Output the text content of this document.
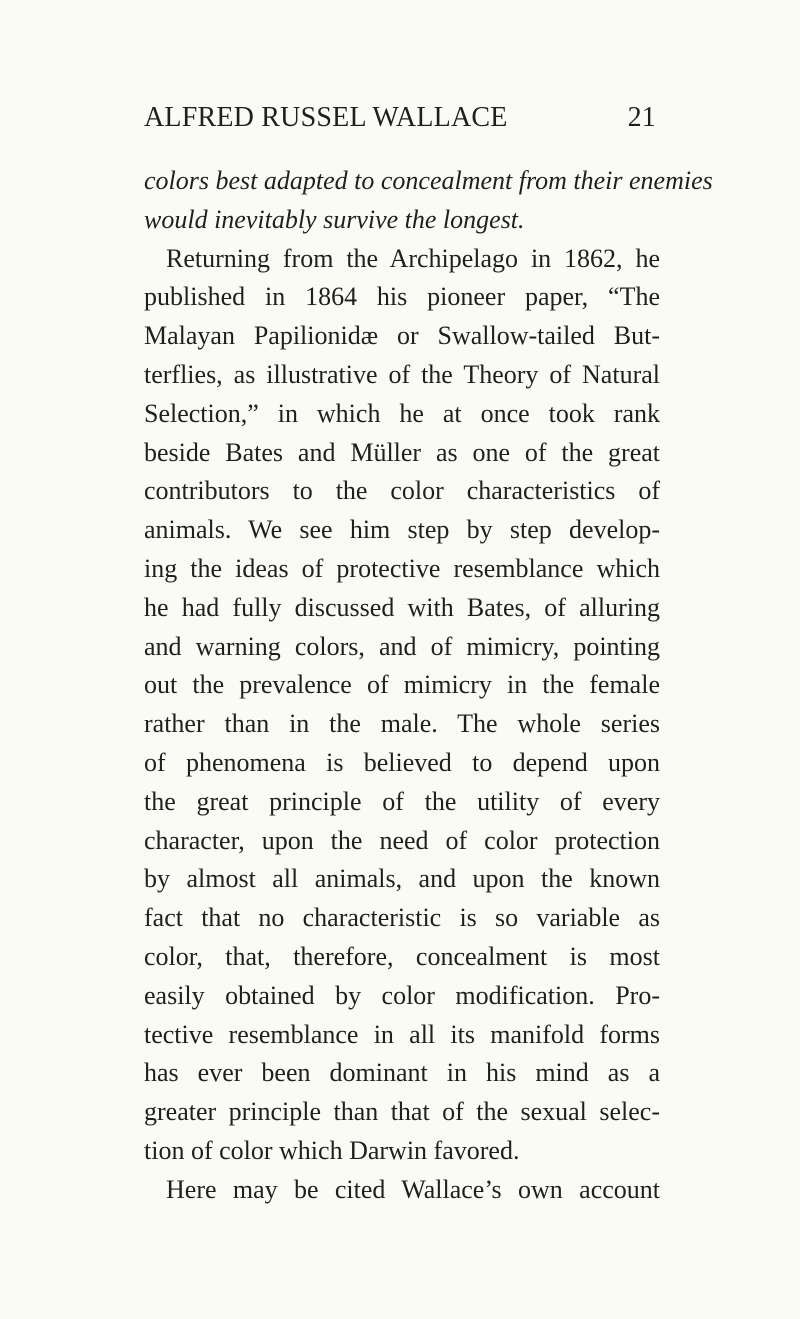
ALFRED RUSSEL WALLACE	21
colors best adapted to concealment from their enemies
would inevitably survive the longest.
Returning from the Archipelago in 1862, he
published in 1864 his pioneer paper, “The
Malayan Papilionidæ or Swallow-tailed But-
terflies, as illustrative of the Theory of Natural
Selection,” in which he at once took rank
beside Bates and Müller as one of the great
contributors to the color characteristics of
animals. We see him step by step develop-
ing the ideas of protective resemblance which
he had fully discussed with Bates, of alluring
and warning colors, and of mimicry, pointing
out the prevalence of mimicry in the female
rather than in the male. The whole series
of phenomena is believed to depend upon
the great principle of the utility of every
character, upon the need of color protection
by almost all animals, and upon the known
fact that no characteristic is so variable as
color, that, therefore, concealment is most
easily obtained by color modification. Pro-
tective resemblance in all its manifold forms
has ever been dominant in his mind as a
greater principle than that of the sexual selec-
tion of color which Darwin favored.
Here may be cited Wallace’s own account
